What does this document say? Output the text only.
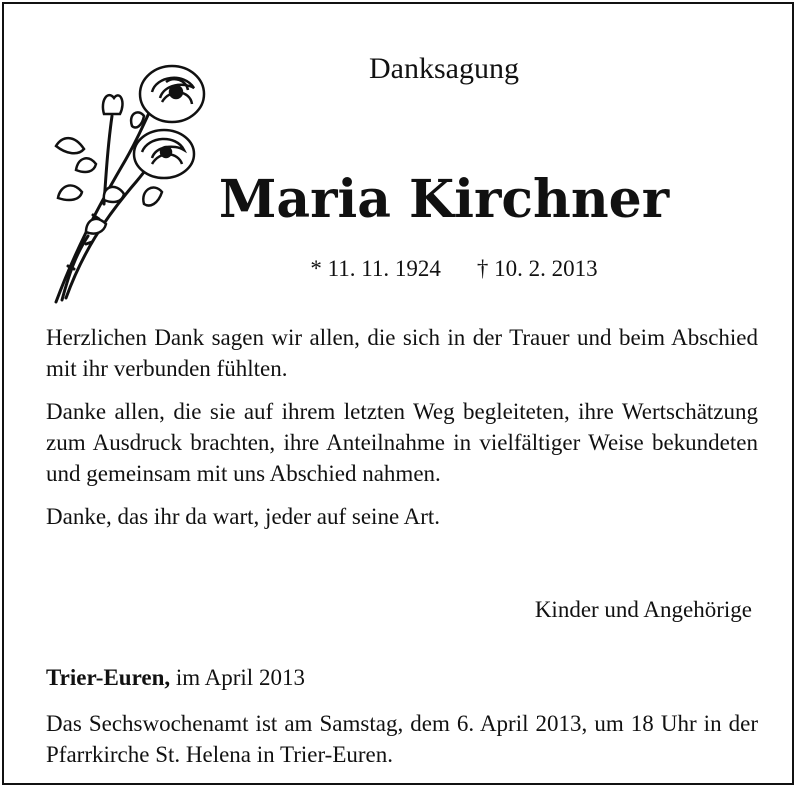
Danksagung
Maria Kirchner
* 11. 11. 1924 † 10. 2. 2013

Herzlichen Dank sagen wir allen, die sich in der Trauer und beim Abschied mit ihr verbunden fühlten.

Danke allen, die sie auf ihrem letzten Weg begleiteten, ihre Wertschätzung zum Ausdruck brachten, ihre Anteilnahme in vielfältiger Weise bekundeten und gemeinsam mit uns Abschied nahmen.

Danke, das ihr da wart, jeder auf seine Art.

Kinder und Angehörige
Trier-Euren, im April 2013
Das Sechswochenamt ist am Samstag, dem 6. April 2013, um 18 Uhr in der Pfarrkirche St. Helena in Trier-Euren.
